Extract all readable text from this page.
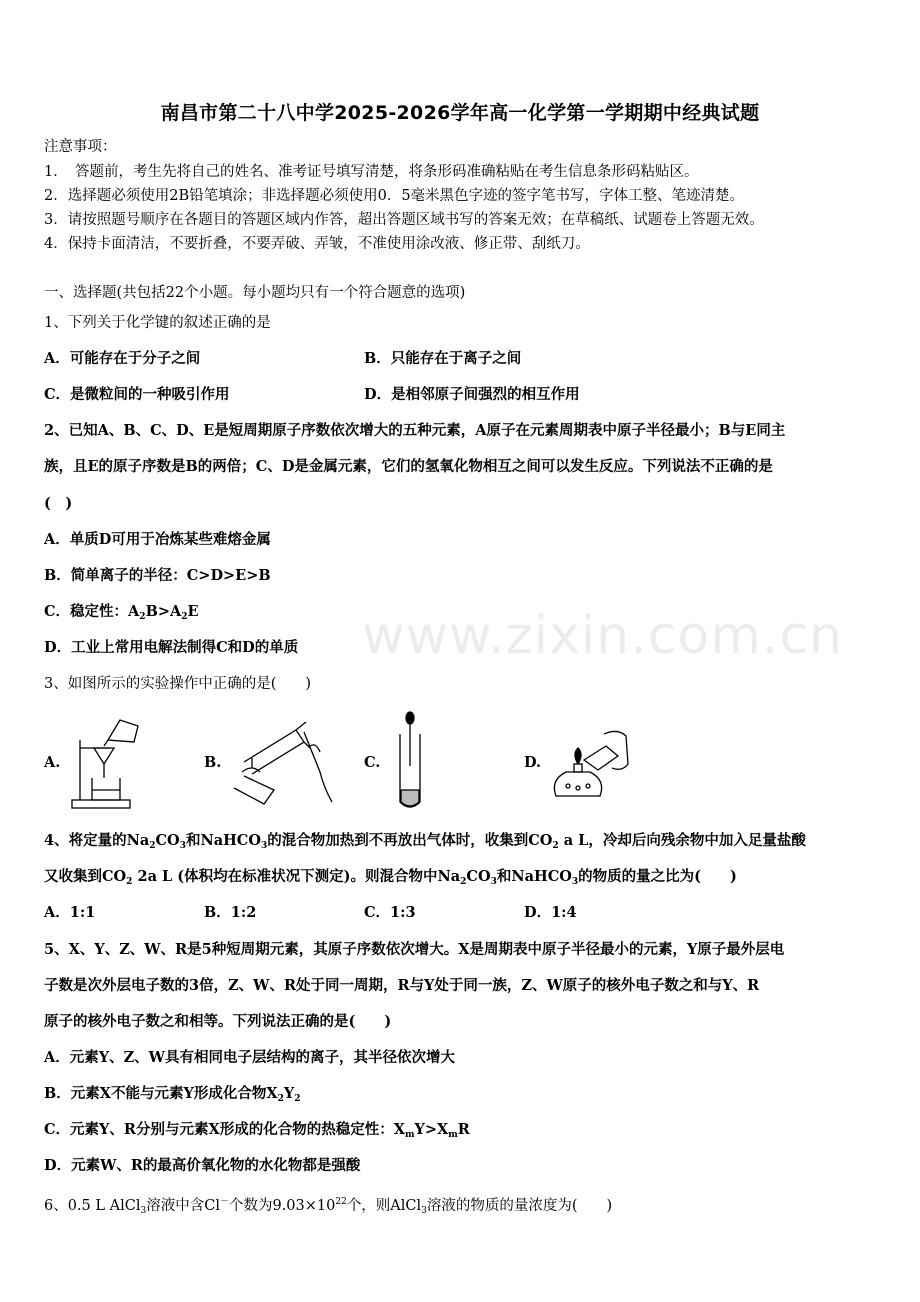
南昌市第二十八中学2025-2026学年高一化学第一学期期中经典试题
注意事项：
1．　答题前，考生先将自己的姓名、准考证号填写清楚，将条形码准确粘贴在考生信息条形码粘贴区。
2．选择题必须使用2B铅笔填涂；非选择题必须使用0．5毫米黑色字迹的签字笔书写，字体工整、笔迹清楚。
3．请按照题号顺序在各题目的答题区域内作答，超出答题区域书写的答案无效；在草稿纸、试题卷上答题无效。
4．保持卡面清洁，不要折叠，不要弄破、弄皱，不准使用涂改液、修正带、刮纸刀。
一、选择题(共包括22个小题。每小题均只有一个符合题意的选项)
1、下列关于化学键的叙述正确的是
A．可能存在于分子之间	B．只能存在于离子之间
C．是微粒间的一种吸引作用	D．是相邻原子间强烈的相互作用
2、已知A、B、C、D、E是短周期原子序数依次增大的五种元素，A原子在元素周期表中原子半径最小；B与E同主
族，且E的原子序数是B的两倍；C、D是金属元素，它们的氢氧化物相互之间可以发生反应。下列说法不正确的是
(　)
A．单质D可用于冶炼某些难熔金属
B．简单离子的半径：C>D>E>B
C．稳定性：$A_2B>A_2E$
D．工业上常用电解法制得C和D的单质 www.zixin.com.cn
3、如图所示的实验操作中正确的是(　　)
A.	B.	C.	D.
4、将定量的$Na_2CO_3$和NaHCO$_3$的混合物加热到不再放出气体时，收集到$CO_2$ a L，冷却后向残余物中加入足量盐酸
又收集到$CO_2$ 2a L (体积均在标准状况下测定)。则混合物中$Na_2CO_3$和NaHCO$_3$的物质的量之比为(　　)
A．1:1	B．1:2	C．1:3	D．1:4
5、X、Y、Z、W、R是5种短周期元素，其原子序数依次增大。X是周期表中原子半径最小的元素，Y原子最外层电
子数是次外层电子数的3倍，Z、W、R处于同一周期，R与Y处于同一族，Z、W原子的核外电子数之和与Y、R
原子的核外电子数之和相等。下列说法正确的是(　　)
A．元素Y、Z、W具有相同电子层结构的离子，其半径依次增大
B．元素X不能与元素Y形成化合物$X_2Y_2$
C．元素Y、R分别与元素X形成的化合物的热稳定性：$X_mY>X_mR$
D．元素W、R的最高价氧化物的水化物都是强酸
6、0.5 L AlCl$_3$溶液中含Cl－个数为$9.03\times 10^{22}$个，则AlCl$_3$溶液的物质的量浓度为(　　)
